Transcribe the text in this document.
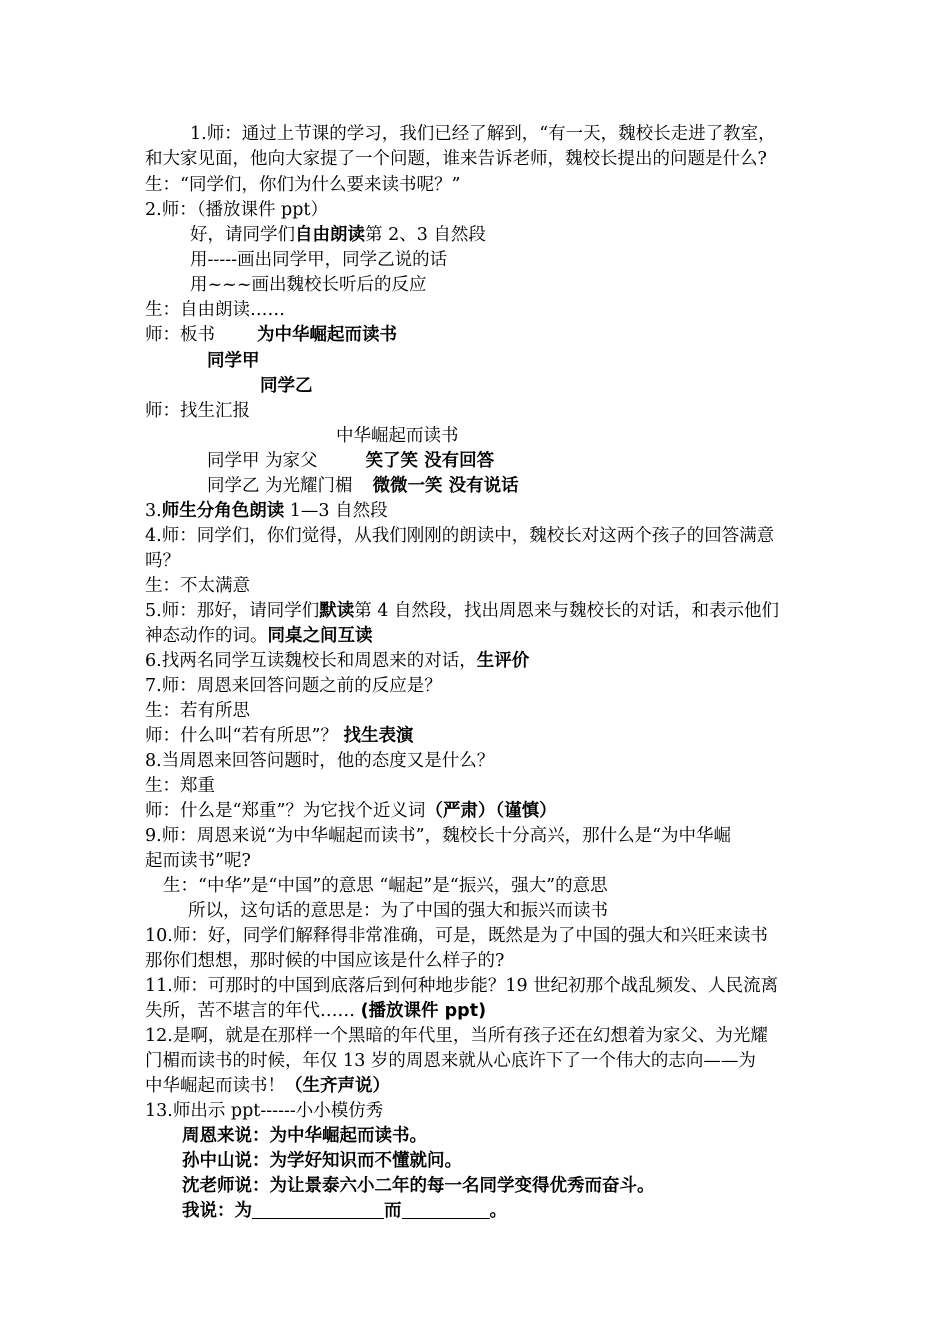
1.师：通过上节课的学习，我们已经了解到，“有一天，魏校长走进了教室，
和大家见面，他向大家提了一个问题，谁来告诉老师，魏校长提出的问题是什么?
生：“同学们，你们为什么要来读书呢？”
2.师：（播放课件 ppt）
好，请同学们自由朗读第 2、3 自然段
用-----画出同学甲，同学乙说的话
用~~~画出魏校长听后的反应
生：自由朗读……
师：板书 为中华崛起而读书
同学甲
同学乙
师：找生汇报
中华崛起而读书
同学甲 为家父	笑了笑 没有回答
同学乙 为光耀门楣 微微一笑 没有说话
3.师生分角色朗读 1—3 自然段
4.师：同学们，你们觉得，从我们刚刚的朗读中，魏校长对这两个孩子的回答满意
吗？
生：不太满意
5.师：那好，请同学们默读第 4 自然段，找出周恩来与魏校长的对话，和表示他们
神态动作的词。同桌之间互读
6.找两名同学互读魏校长和周恩来的对话，生评价
7.师：周恩来回答问题之前的反应是？
生：若有所思
师：什么叫“若有所思”？ 找生表演
8.当周恩来回答问题时，他的态度又是什么？
生：郑重
师：什么是“郑重”？为它找个近义词（严肃）（谨慎）
9.师：周恩来说“为中华崛起而读书”，魏校长十分高兴，那什么是“为中华崛
起而读书”呢?
生：“中华”是“中国”的意思 “崛起”是“振兴，强大”的意思
所以，这句话的意思是：为了中国的强大和振兴而读书
10.师：好，同学们解释得非常准确，可是，既然是为了中国的强大和兴旺来读书
那你们想想，那时候的中国应该是什么样子的?
11.师：可那时的中国到底落后到何种地步能？19 世纪初那个战乱频发、人民流离
失所，苦不堪言的年代…… (播放课件 ppt)
12.是啊，就是在那样一个黑暗的年代里，当所有孩子还在幻想着为家父、为光耀
门楣而读书的时候，年仅 13 岁的周恩来就从心底许下了一个伟大的志向——为
中华崛起而读书！（生齐声说）
13.师出示 ppt------小小模仿秀
周恩来说：为中华崛起而读书。
孙中山说：为学好知识而不懂就问。
沈老师说：为让景泰六小二年的每一名同学变得优秀而奋斗。
我说：为	而	。
